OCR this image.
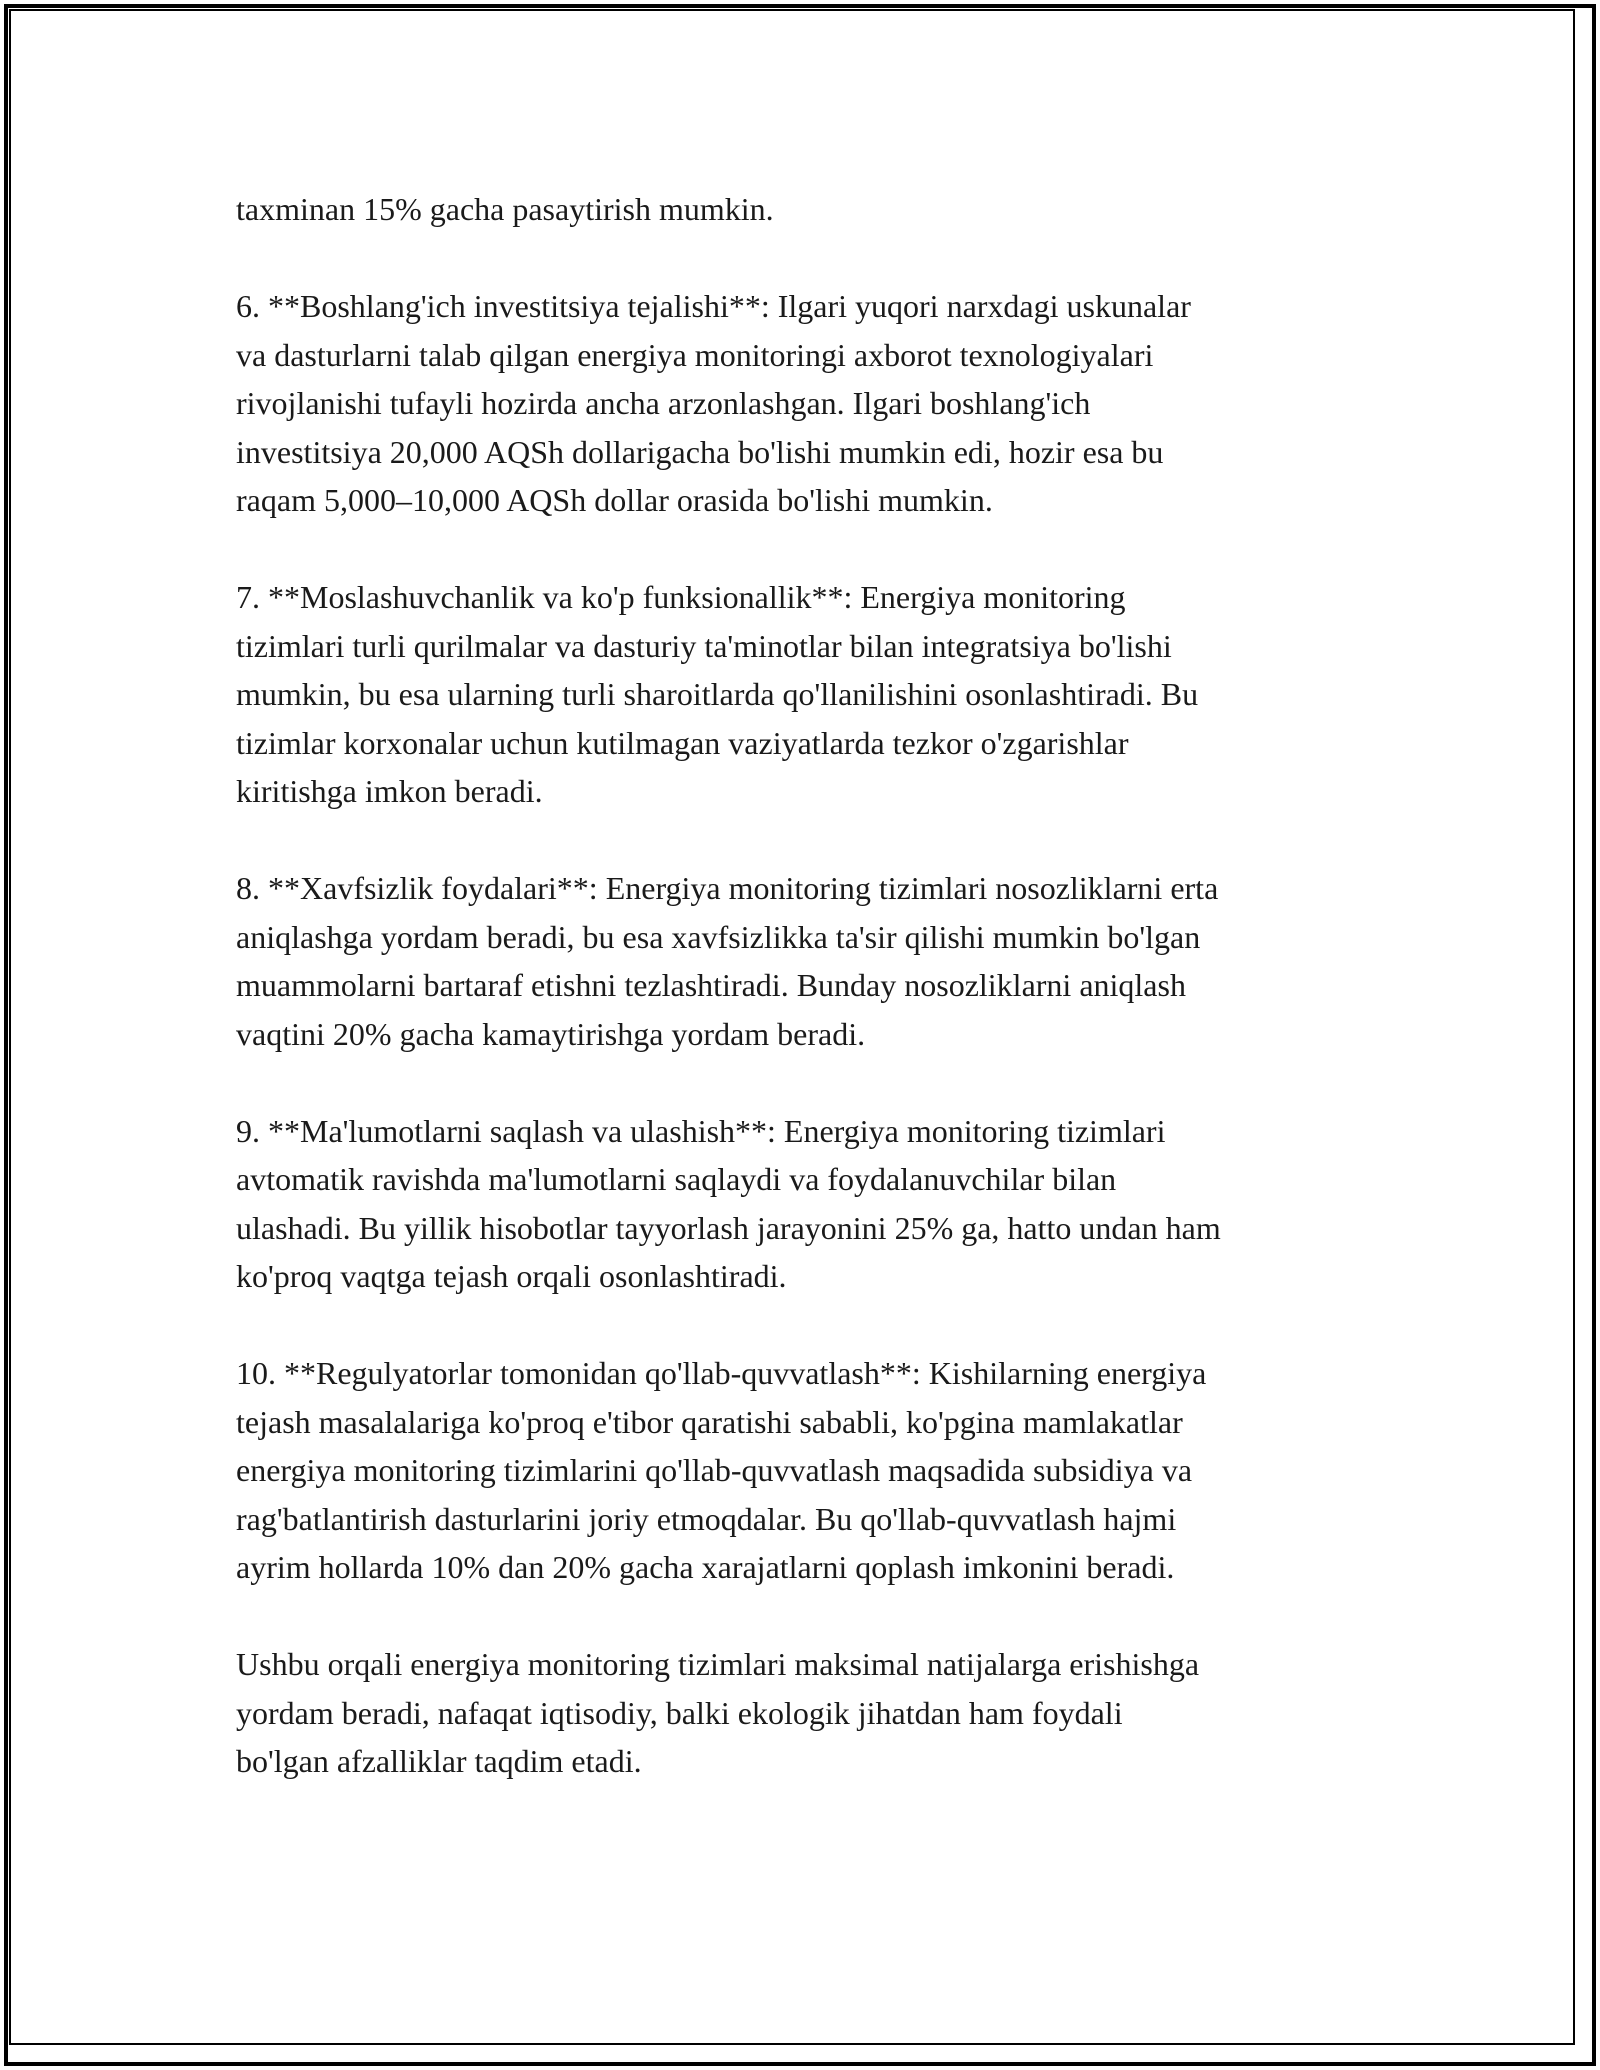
taxminan 15% gacha pasaytirish mumkin.

6. **Boshlang'ich investitsiya tejalishi**: Ilgari yuqori narxdagi uskunalar
va dasturlarni talab qilgan energiya monitoringi axborot texnologiyalari
rivojlanishi tufayli hozirda ancha arzonlashgan. Ilgari boshlang'ich
investitsiya 20,000 AQSh dollarigacha bo'lishi mumkin edi, hozir esa bu
raqam 5,000–10,000 AQSh dollar orasida bo'lishi mumkin.

7. **Moslashuvchanlik va ko'p funksionallik**: Energiya monitoring
tizimlari turli qurilmalar va dasturiy ta'minotlar bilan integratsiya bo'lishi
mumkin, bu esa ularning turli sharoitlarda qo'llanilishini osonlashtiradi. Bu
tizimlar korxonalar uchun kutilmagan vaziyatlarda tezkor o'zgarishlar
kiritishga imkon beradi.

8. **Xavfsizlik foydalari**: Energiya monitoring tizimlari nosozliklarni erta
aniqlashga yordam beradi, bu esa xavfsizlikka ta'sir qilishi mumkin bo'lgan
muammolarni bartaraf etishni tezlashtiradi. Bunday nosozliklarni aniqlash
vaqtini 20% gacha kamaytirishga yordam beradi.

9. **Ma'lumotlarni saqlash va ulashish**: Energiya monitoring tizimlari
avtomatik ravishda ma'lumotlarni saqlaydi va foydalanuvchilar bilan
ulashadi. Bu yillik hisobotlar tayyorlash jarayonini 25% ga, hatto undan ham
ko'proq vaqtga tejash orqali osonlashtiradi.

10. **Regulyatorlar tomonidan qo'llab-quvvatlash**: Kishilarning energiya
tejash masalalariga ko'proq e'tibor qaratishi sababli, ko'pgina mamlakatlar
energiya monitoring tizimlarini qo'llab-quvvatlash maqsadida subsidiya va
rag'batlantirish dasturlarini joriy etmoqdalar. Bu qo'llab-quvvatlash hajmi
ayrim hollarda 10% dan 20% gacha xarajatlarni qoplash imkonini beradi.

Ushbu orqali energiya monitoring tizimlari maksimal natijalarga erishishga
yordam beradi, nafaqat iqtisodiy, balki ekologik jihatdan ham foydali
bo'lgan afzalliklar taqdim etadi.
